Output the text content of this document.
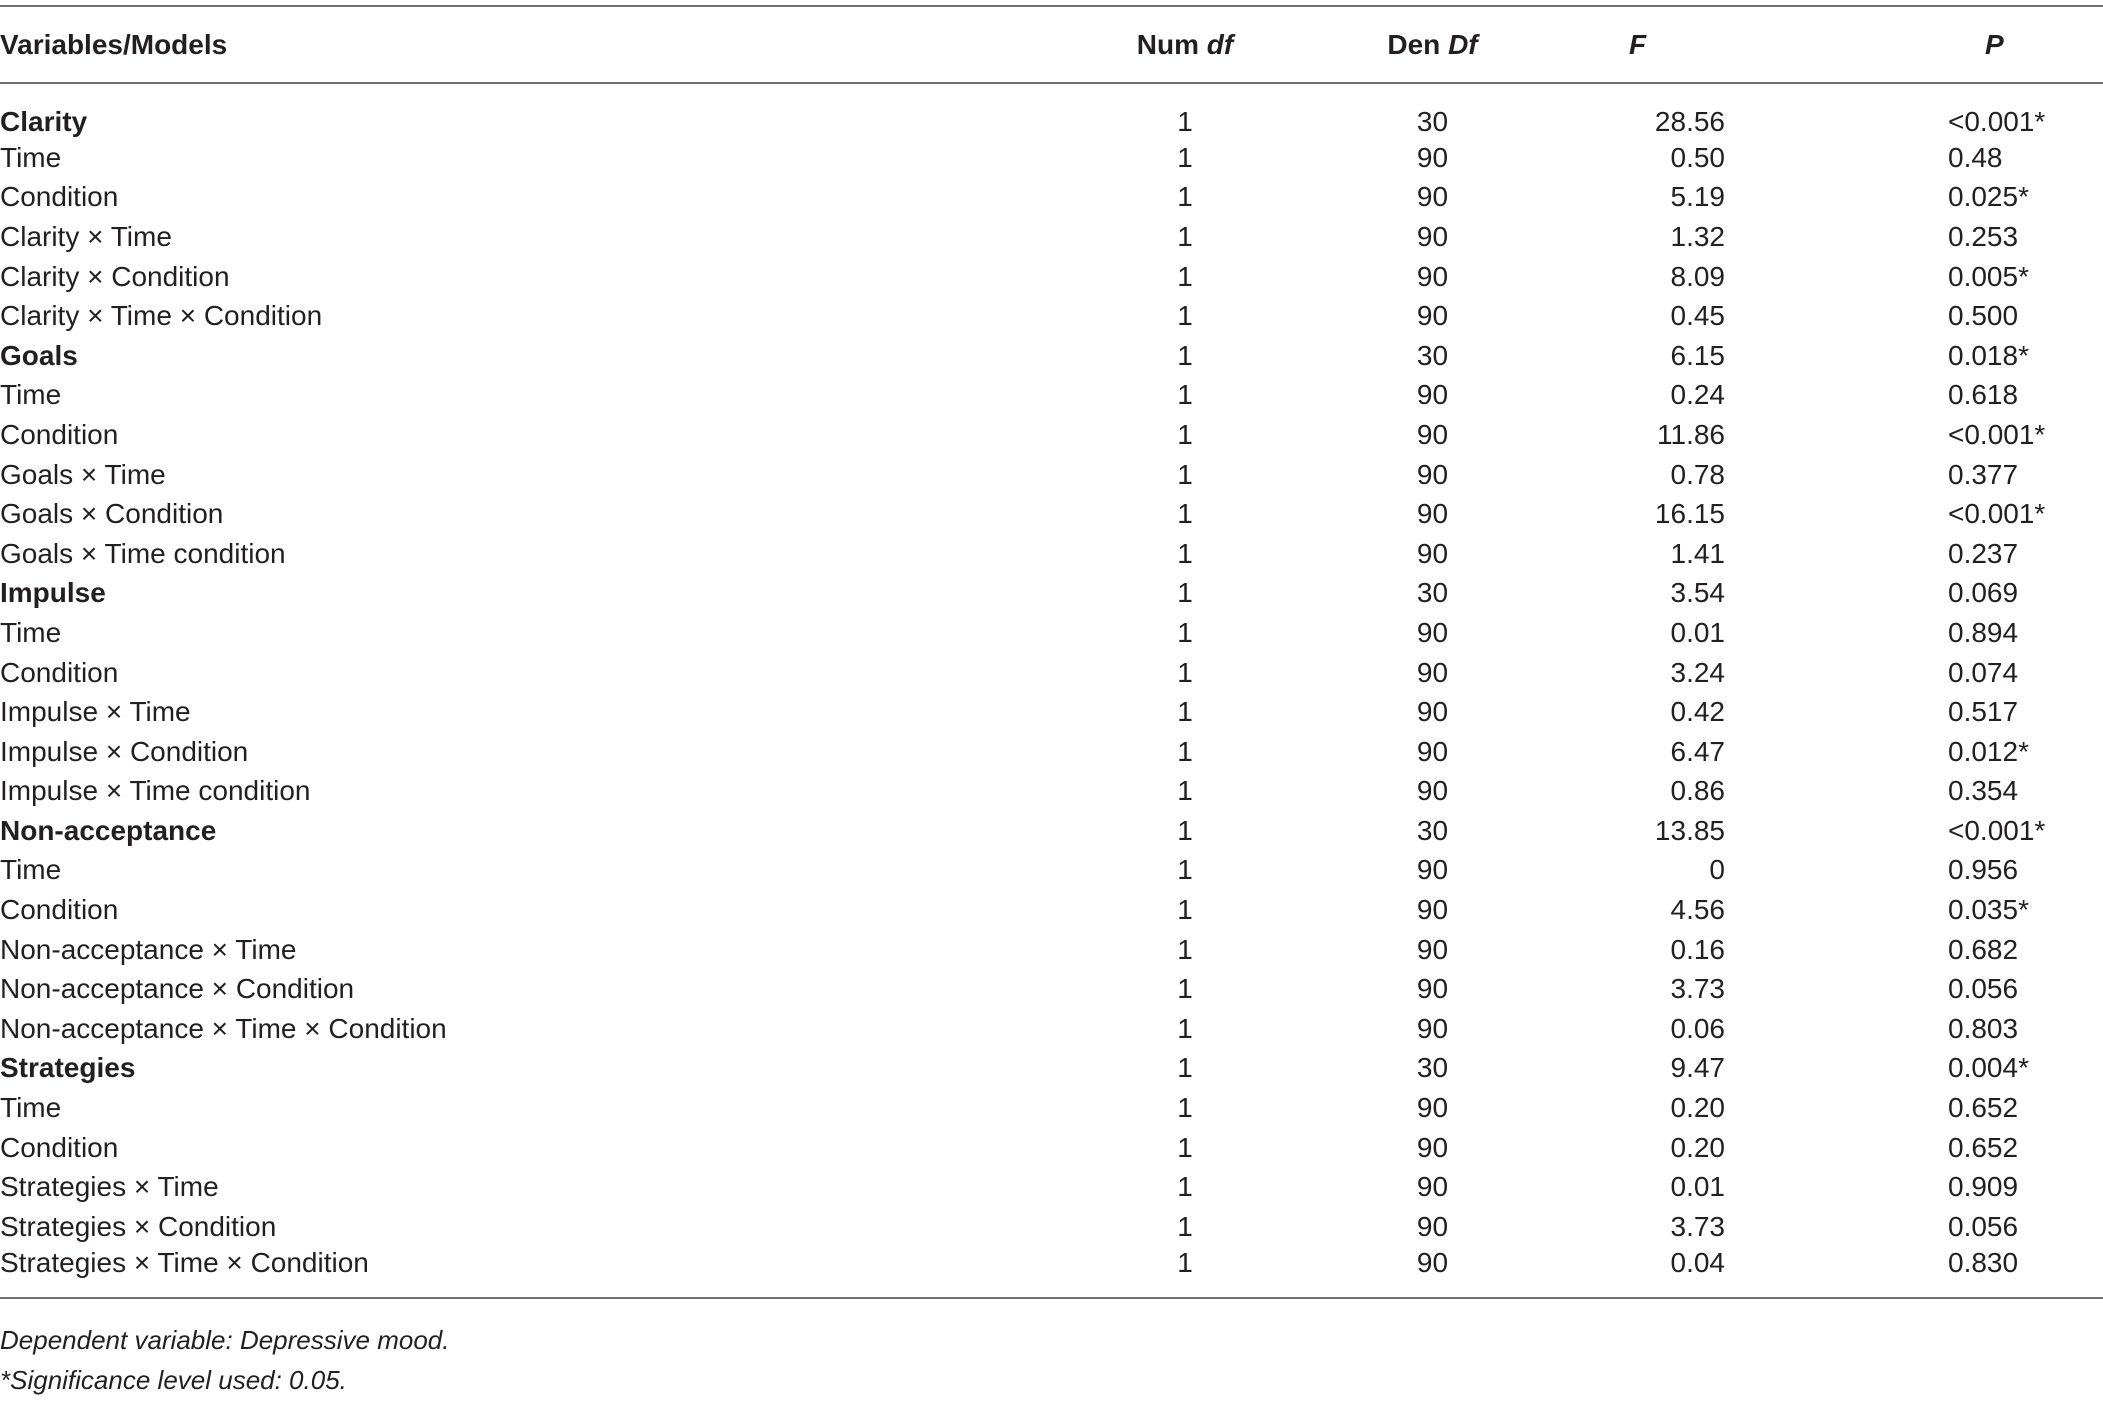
Variables/Models	Num df	Den Df	F	P
Clarity	1	30	28.56	<0.001*
Time	1	90	0.50	0.48
Condition	1	90	5.19	0.025*
Clarity × Time	1	90	1.32	0.253
Clarity × Condition	1	90	8.09	0.005*
Clarity × Time × Condition	1	90	0.45	0.500
Goals	1	30	6.15	0.018*
Time	1	90	0.24	0.618
Condition	1	90	11.86	<0.001*
Goals × Time	1	90	0.78	0.377
Goals × Condition	1	90	16.15	<0.001*
Goals × Time condition	1	90	1.41	0.237
Impulse	1	30	3.54	0.069
Time	1	90	0.01	0.894
Condition	1	90	3.24	0.074
Impulse × Time	1	90	0.42	0.517
Impulse × Condition	1	90	6.47	0.012*
Impulse × Time condition	1	90	0.86	0.354
Non-acceptance	1	30	13.85	<0.001*
Time	1	90	0	0.956
Condition	1	90	4.56	0.035*
Non-acceptance × Time	1	90	0.16	0.682
Non-acceptance × Condition	1	90	3.73	0.056
Non-acceptance × Time × Condition	1	90	0.06	0.803
Strategies	1	30	9.47	0.004*
Time	1	90	0.20	0.652
Condition	1	90	0.20	0.652
Strategies × Time	1	90	0.01	0.909
Strategies × Condition	1	90	3.73	0.056
Strategies × Time × Condition	1	90	0.04	0.830
Dependent variable: Depressive mood.
*Significance level used: 0.05.
